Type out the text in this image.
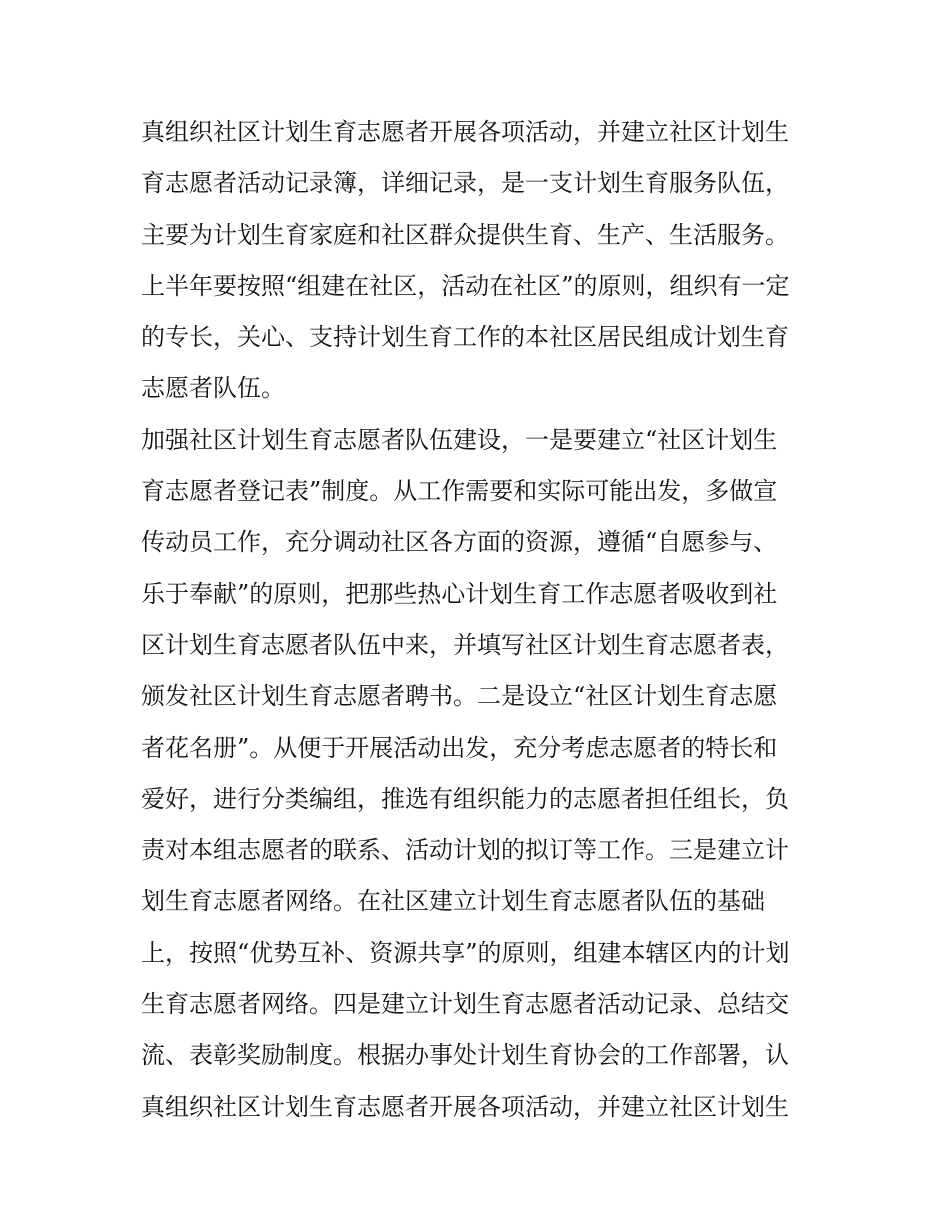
真组织社区计划生育志愿者开展各项活动，并建立社区计划生
育志愿者活动记录簿，详细记录，是一支计划生育服务队伍，
主要为计划生育家庭和社区群众提供生育、生产、生活服务。
上半年要按照“组建在社区，活动在社区”的原则，组织有一定
的专长，关心、支持计划生育工作的本社区居民组成计划生育
志愿者队伍。
加强社区计划生育志愿者队伍建设，一是要建立“社区计划生
育志愿者登记表”制度。从工作需要和实际可能出发，多做宣
传动员工作，充分调动社区各方面的资源，遵循“自愿参与、
乐于奉献”的原则，把那些热心计划生育工作志愿者吸收到社
区计划生育志愿者队伍中来，并填写社区计划生育志愿者表，
颁发社区计划生育志愿者聘书。二是设立“社区计划生育志愿
者花名册”。从便于开展活动出发，充分考虑志愿者的特长和
爱好，进行分类编组，推选有组织能力的志愿者担任组长，负
责对本组志愿者的联系、活动计划的拟订等工作。三是建立计
划生育志愿者网络。在社区建立计划生育志愿者队伍的基础
上，按照“优势互补、资源共享”的原则，组建本辖区内的计划
生育志愿者网络。四是建立计划生育志愿者活动记录、总结交
流、表彰奖励制度。根据办事处计划生育协会的工作部署，认
真组织社区计划生育志愿者开展各项活动，并建立社区计划生
